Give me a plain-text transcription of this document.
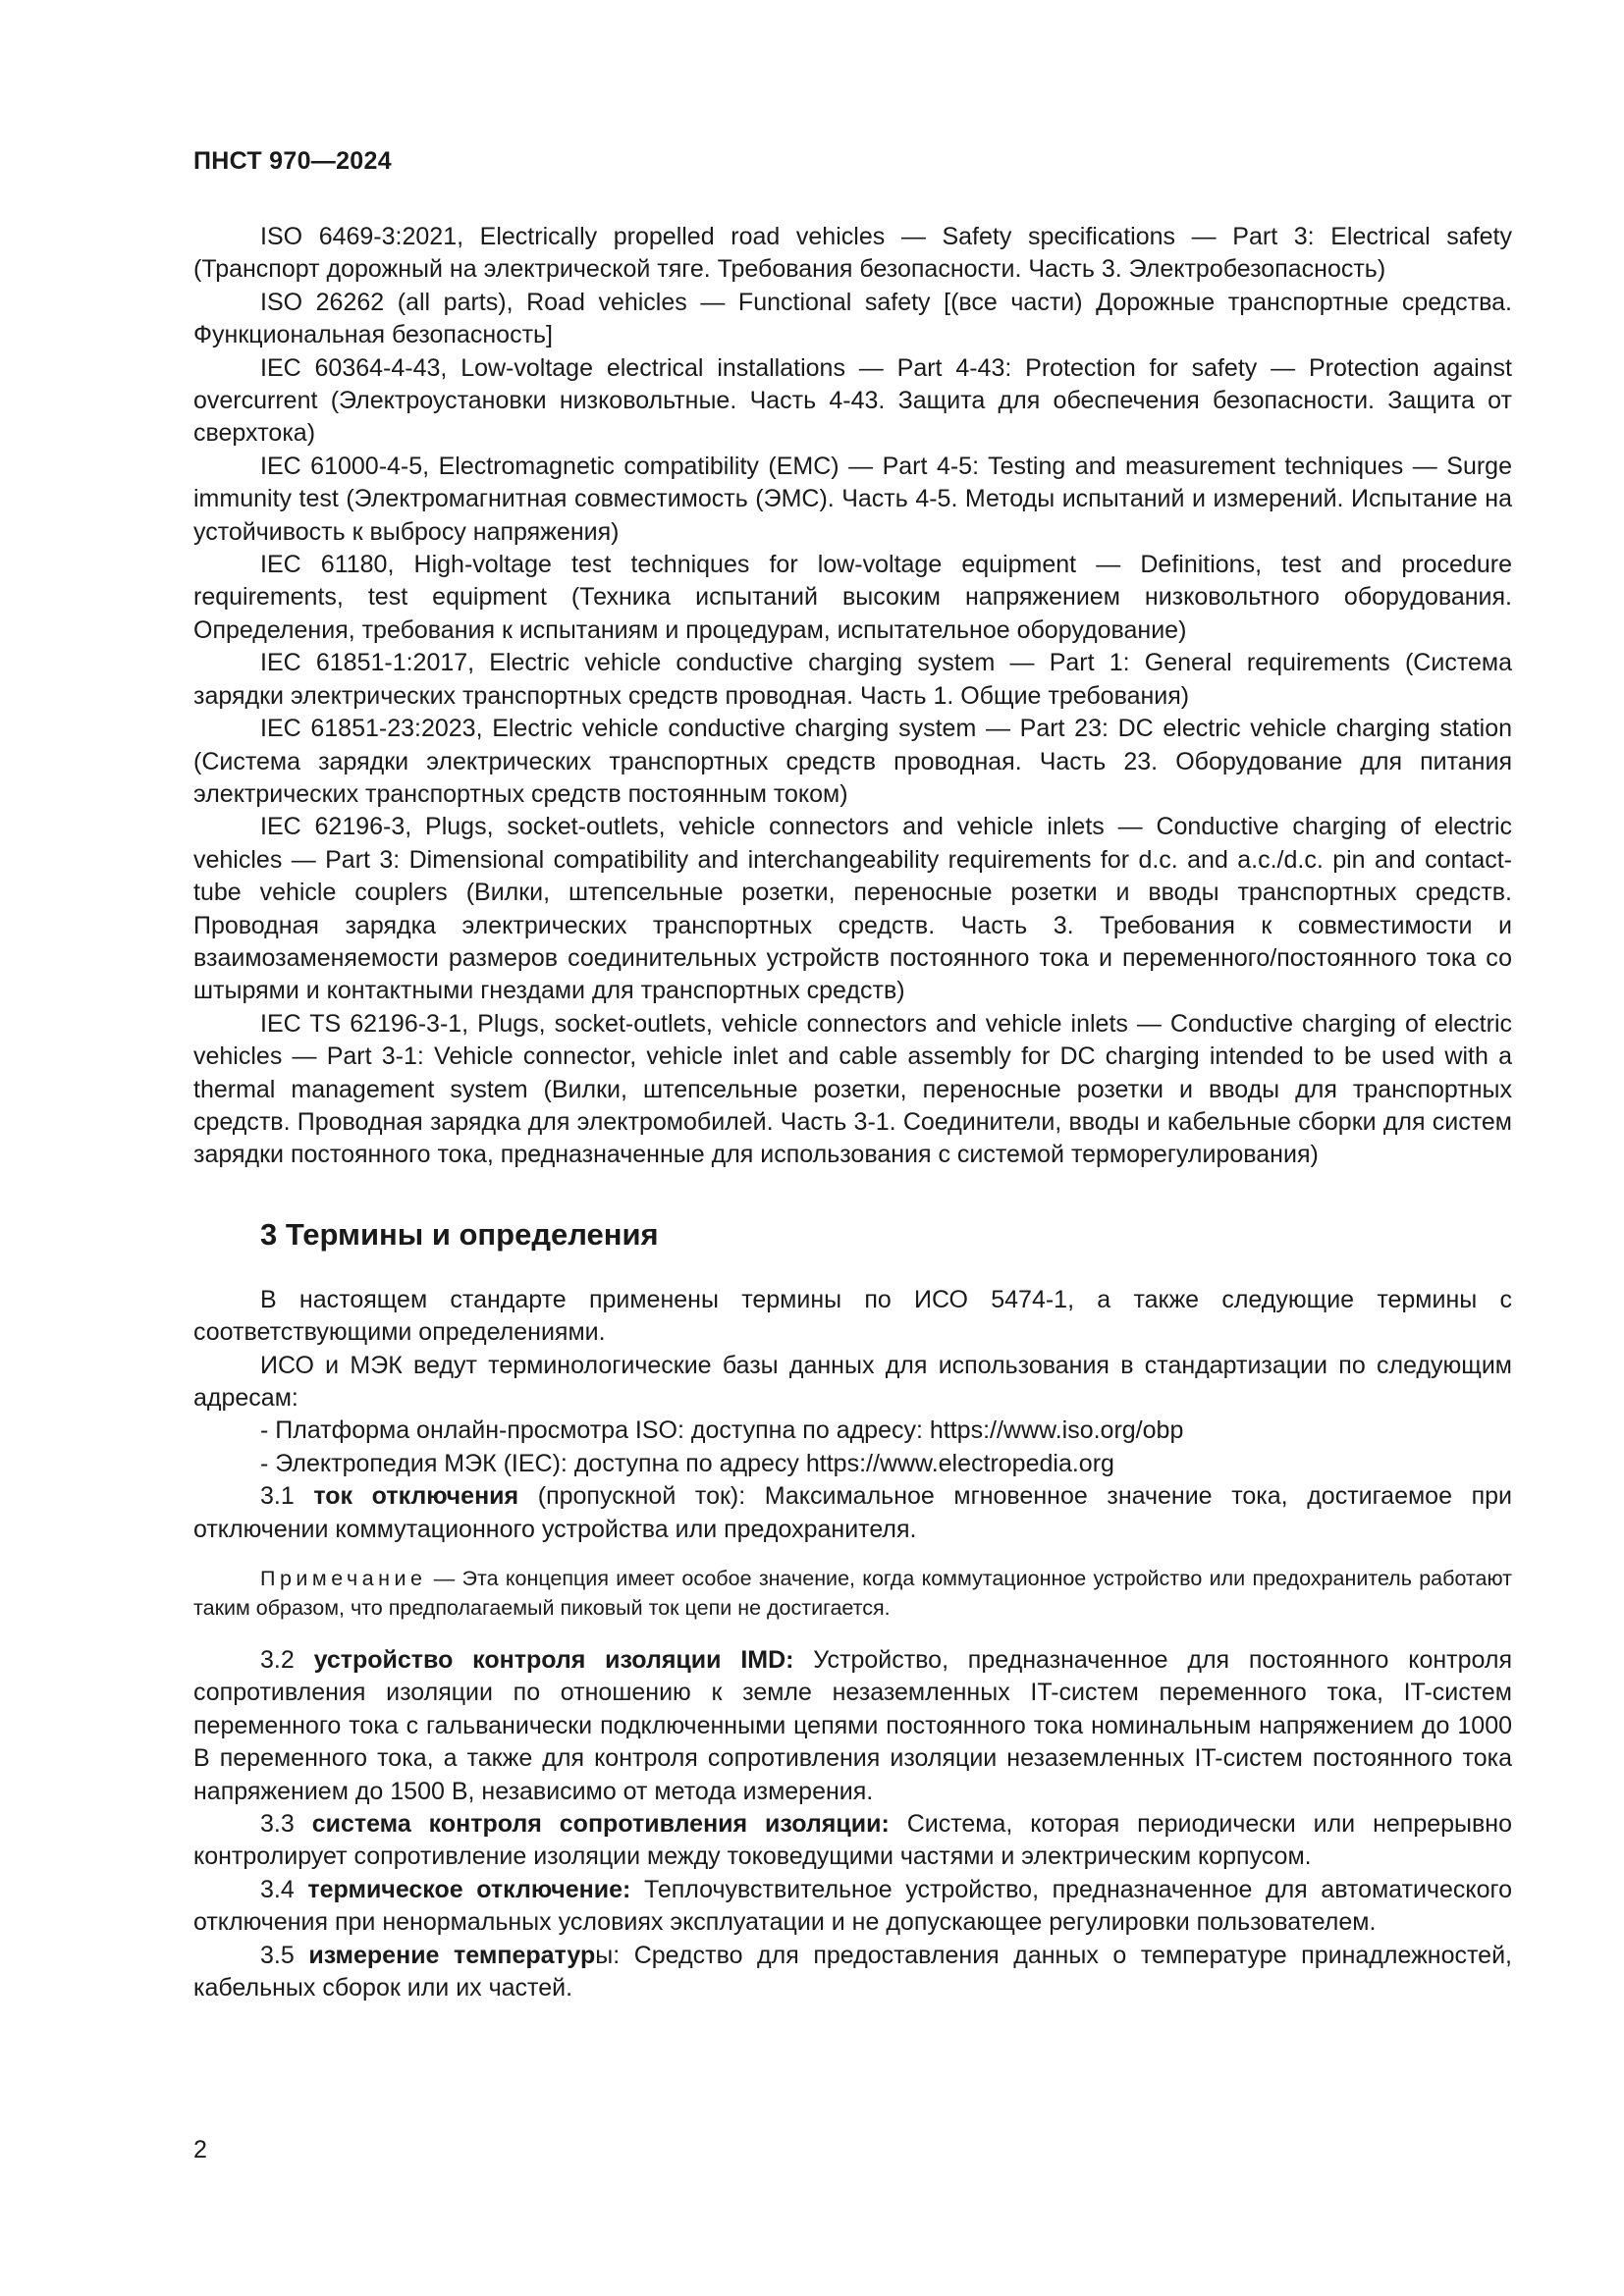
ПНСТ 970—2024

ISO 6469-3:2021, Electrically propelled road vehicles — Safety specifications — Part 3: Electrical safety (Транспорт дорожный на электрической тяге. Требования безопасности. Часть 3. Электробезопасность)

ISO 26262 (all parts), Road vehicles — Functional safety [(все части) Дорожные транспортные средства. Функциональная безопасность]

IEC 60364-4-43, Low-voltage electrical installations — Part 4-43: Protection for safety — Protection against overcurrent (Электроустановки низковольтные. Часть 4-43. Защита для обеспечения безопасности. Защита от сверхтока)

IEC 61000-4-5, Electromagnetic compatibility (EMC) — Part 4-5: Testing and measurement techniques — Surge immunity test (Электромагнитная совместимость (ЭМС). Часть 4-5. Методы испытаний и измерений. Испытание на устойчивость к выбросу напряжения)

IEC 61180, High-voltage test techniques for low-voltage equipment — Definitions, test and procedure requirements, test equipment (Техника испытаний высоким напряжением низковольтного оборудования. Определения, требования к испытаниям и процедурам, испытательное оборудование)

IEC 61851-1:2017, Electric vehicle conductive charging system — Part 1: General requirements (Система зарядки электрических транспортных средств проводная. Часть 1. Общие требования)

IEC 61851-23:2023, Electric vehicle conductive charging system — Part 23: DC electric vehicle charging station (Система зарядки электрических транспортных средств проводная. Часть 23. Оборудование для питания электрических транспортных средств постоянным током)

IEC 62196-3, Plugs, socket-outlets, vehicle connectors and vehicle inlets — Conductive charging of electric vehicles — Part 3: Dimensional compatibility and interchangeability requirements for d.c. and a.c./d.c. pin and contact-tube vehicle couplers (Вилки, штепсельные розетки, переносные розетки и вводы транспортных средств. Проводная зарядка электрических транспортных средств. Часть 3. Требования к совместимости и взаимозаменяемости размеров соединительных устройств постоянного тока и переменного/постоянного тока со штырями и контактными гнездами для транспортных средств)

IEC TS 62196-3-1, Plugs, socket-outlets, vehicle connectors and vehicle inlets — Conductive charging of electric vehicles — Part 3-1: Vehicle connector, vehicle inlet and cable assembly for DC charging intended to be used with a thermal management system (Вилки, штепсельные розетки, переносные розетки и вводы для транспортных средств. Проводная зарядка для электромобилей. Часть 3-1. Соединители, вводы и кабельные сборки для систем зарядки постоянного тока, предназначенные для использования с системой терморегулирования)

3 Термины и определения

В настоящем стандарте применены термины по ИСО 5474-1, а также следующие термины с соответствующими определениями.

ИСО и МЭК ведут терминологические базы данных для использования в стандартизации по следующим адресам:

- Платформа онлайн-просмотра ISO: доступна по адресу: https://www.iso.org/obp

- Электропедия МЭК (IEC): доступна по адресу https://www.electropedia.org

3.1 ток отключения (пропускной ток): Максимальное мгновенное значение тока, достигаемое при отключении коммутационного устройства или предохранителя.

Примечание — Эта концепция имеет особое значение, когда коммутационное устройство или предохранитель работают таким образом, что предполагаемый пиковый ток цепи не достигается.

3.2 устройство контроля изоляции IMD: Устройство, предназначенное для постоянного контроля сопротивления изоляции по отношению к земле незаземленных IT-систем переменного тока, IT-систем переменного тока с гальванически подключенными цепями постоянного тока номинальным напряжением до 1000 В переменного тока, а также для контроля сопротивления изоляции незаземленных IT-систем постоянного тока напряжением до 1500 В, независимо от метода измерения.

3.3 система контроля сопротивления изоляции: Система, которая периодически или непрерывно контролирует сопротивление изоляции между токоведущими частями и электрическим корпусом.

3.4 термическое отключение: Теплочувствительное устройство, предназначенное для автоматического отключения при ненормальных условиях эксплуатации и не допускающее регулировки пользователем.

3.5 измерение температуры: Средство для предоставления данных о температуре принадлежностей, кабельных сборок или их частей.

2
